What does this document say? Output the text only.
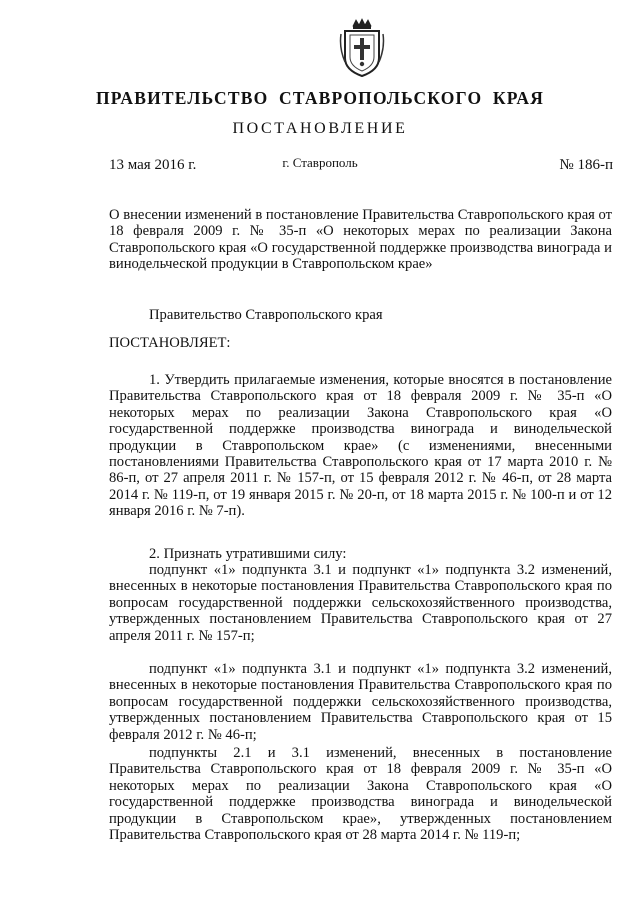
ПРАВИТЕЛЬСТВО СТАВРОПОЛЬСКОГО КРАЯ
ПОСТАНОВЛЕНИЕ
13 мая 2016 г.	г. Ставрополь	№ 186-п

О внесении изменений в постановление Правительства Ставропольского края от 18 февраля 2009 г. № 35-п «О некоторых мерах по реализации Закона Ставропольского края «О государственной поддержке производства винограда и винодельческой продукции в Ставропольском крае»

Правительство Ставропольского края

ПОСТАНОВЛЯЕТ:

1. Утвердить прилагаемые изменения, которые вносятся в постановление Правительства Ставропольского края от 18 февраля 2009 г. № 35-п «О некоторых мерах по реализации Закона Ставропольского края «О государственной поддержке производства винограда и винодельческой продукции в Ставропольском крае» (с изменениями, внесенными постановлениями Правительства Ставропольского края от 17 марта 2010 г. № 86-п, от 27 апреля 2011 г. № 157-п, от 15 февраля 2012 г. № 46-п, от 28 марта 2014 г. № 119-п, от 19 января 2015 г. № 20-п, от 18 марта 2015 г. № 100-п и от 12 января 2016 г. № 7-п).

2. Признать утратившими силу:

подпункт «1» подпункта 3.1 и подпункт «1» подпункта 3.2 изменений, внесенных в некоторые постановления Правительства Ставропольского края по вопросам государственной поддержки сельскохозяйственного производства, утвержденных постановлением Правительства Ставропольского края от 27 апреля 2011 г. № 157-п;

подпункт «1» подпункта 3.1 и подпункт «1» подпункта 3.2 изменений, внесенных в некоторые постановления Правительства Ставропольского края по вопросам государственной поддержки сельскохозяйственного производства, утвержденных постановлением Правительства Ставропольского края от 15 февраля 2012 г. № 46-п;

подпункты 2.1 и 3.1 изменений, внесенных в постановление Правительства Ставропольского края от 18 февраля 2009 г. № 35-п «О некоторых мерах по реализации Закона Ставропольского края «О государственной поддержке производства винограда и винодельческой продукции в Ставропольском крае», утвержденных постановлением Правительства Ставропольского края от 28 марта 2014 г. № 119-п;
